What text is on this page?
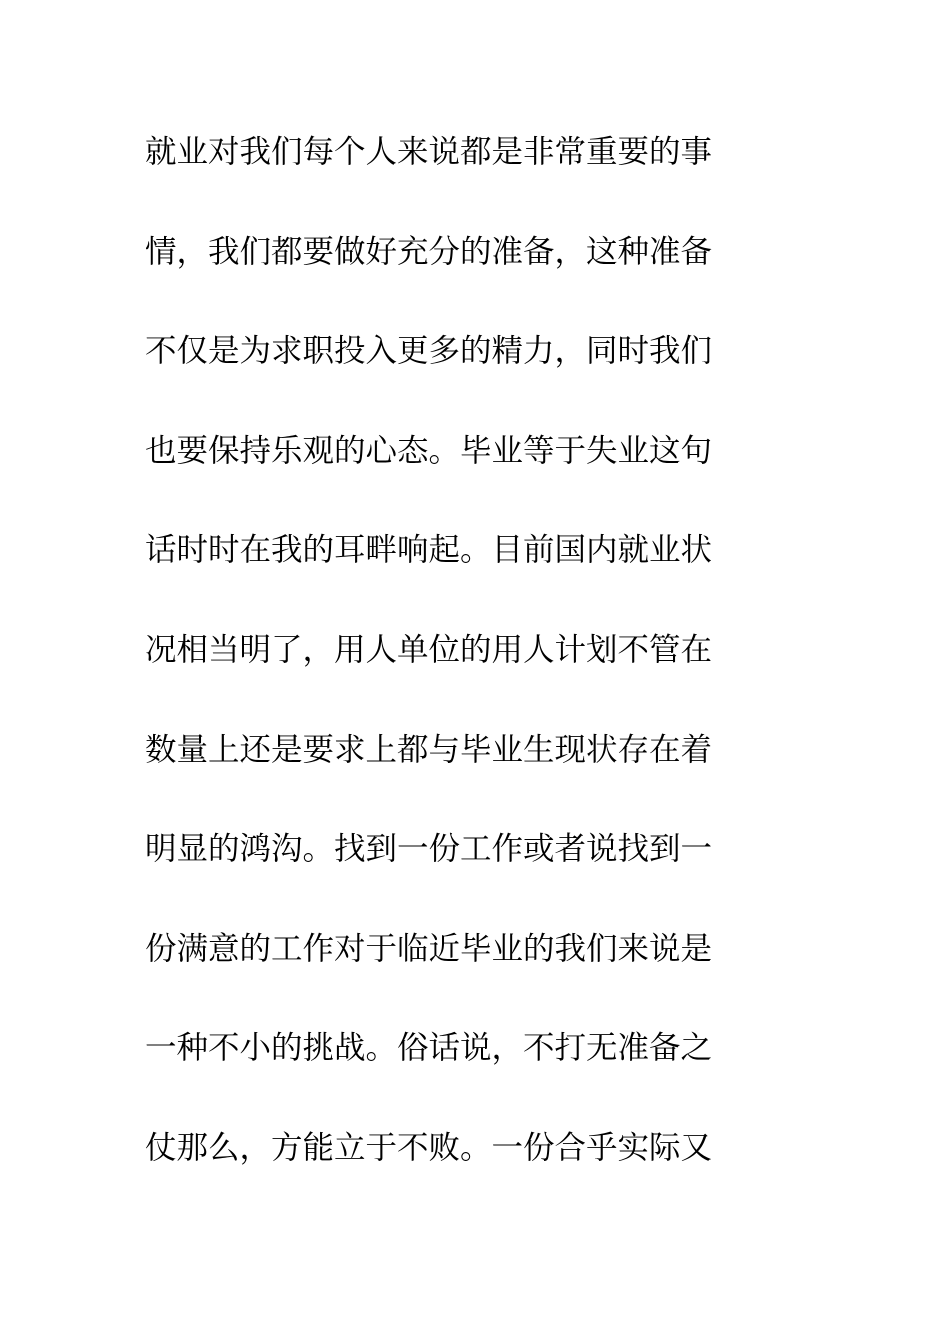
就业对我们每个人来说都是非常重要的事
情，我们都要做好充分的准备，这种准备
不仅是为求职投入更多的精力，同时我们
也要保持乐观的心态。毕业等于失业这句
话时时在我的耳畔响起。目前国内就业状
况相当明了，用人单位的用人计划不管在
数量上还是要求上都与毕业生现状存在着
明显的鸿沟。找到一份工作或者说找到一
份满意的工作对于临近毕业的我们来说是
一种不小的挑战。俗话说，不打无准备之
仗那么，方能立于不败。一份合乎实际又
